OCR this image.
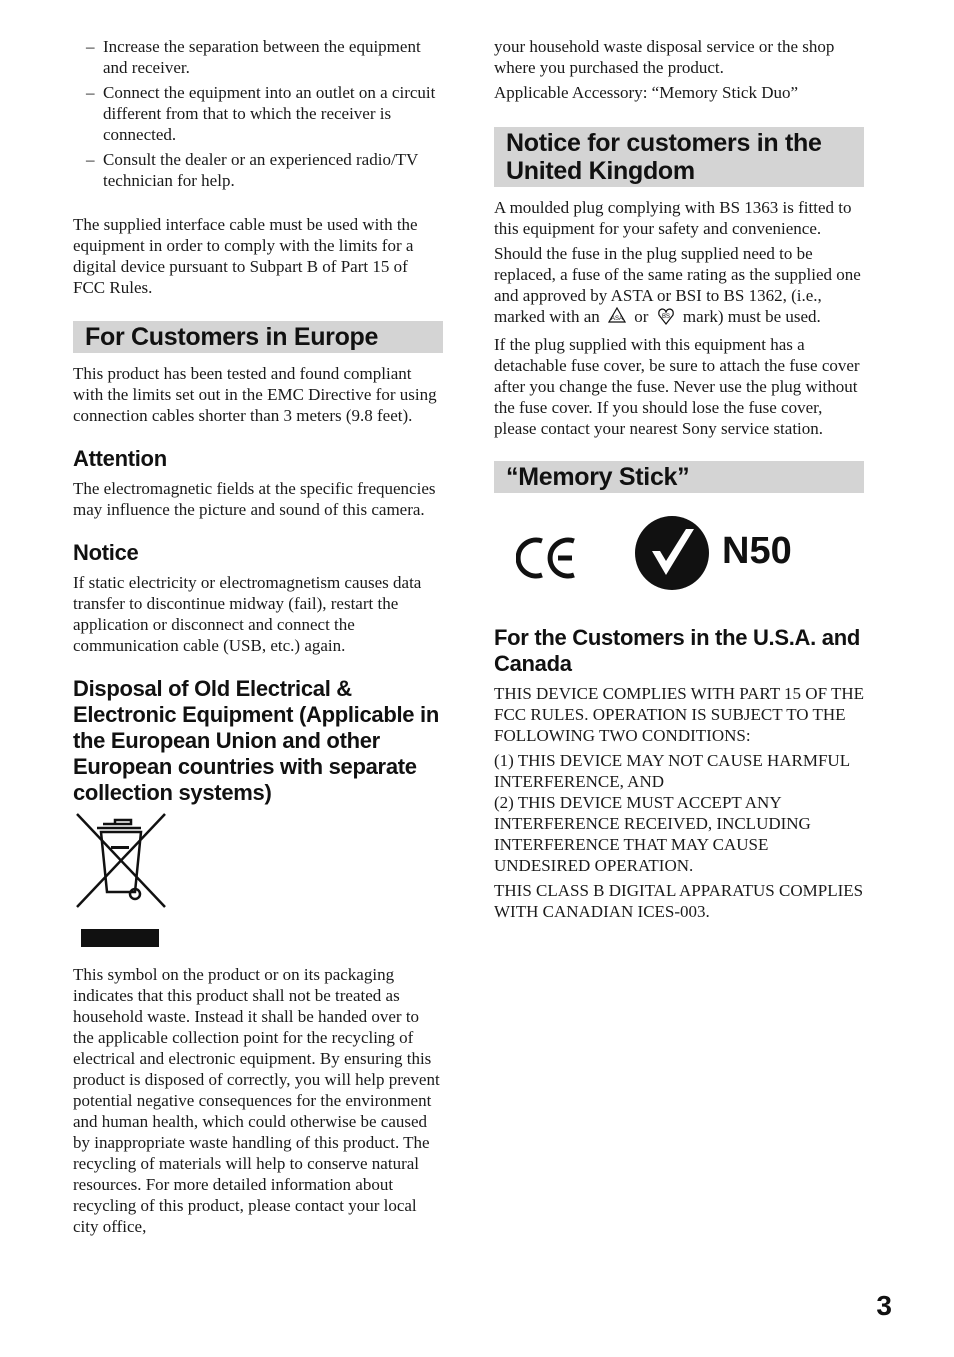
– Increase the separation between the equipment and receiver.
– Connect the equipment into an outlet on a circuit different from that to which the receiver is connected.
– Consult the dealer or an experienced radio/TV technician for help.

The supplied interface cable must be used with the equipment in order to comply with the limits for a digital device pursuant to Subpart B of Part 15 of FCC Rules.

For Customers in Europe

This product has been tested and found compliant with the limits set out in the EMC Directive for using connection cables shorter than 3 meters (9.8 feet).

Attention

The electromagnetic fields at the specific frequencies may influence the picture and sound of this camera.

Notice

If static electricity or electromagnetism causes data transfer to discontinue midway (fail), restart the application or disconnect and connect the communication cable (USB, etc.) again.

Disposal of Old Electrical & Electronic Equipment (Applicable in the European Union and other European countries with separate collection systems)

This symbol on the product or on its packaging indicates that this product shall not be treated as household waste. Instead it shall be handed over to the applicable collection point for the recycling of electrical and electronic equipment. By ensuring this product is disposed of correctly, you will help prevent potential negative consequences for the environment and human health, which could otherwise be caused by inappropriate waste handling of this product. The recycling of materials will help to conserve natural resources. For more detailed information about recycling of this product, please contact your local city office,

your household waste disposal service or the shop where you purchased the product.

Applicable Accessory: “Memory Stick Duo”

Notice for customers in the United Kingdom

A moulded plug complying with BS 1363 is fitted to this equipment for your safety and convenience.

Should the fuse in the plug supplied need to be replaced, a fuse of the same rating as the supplied one and approved by ASTA or BSI to BS 1362, (i.e., marked with an ASA or BS mark) must be used.

If the plug supplied with this equipment has a detachable fuse cover, be sure to attach the fuse cover after you change the fuse. Never use the plug without the fuse cover. If you should lose the fuse cover, please contact your nearest Sony service station.

“Memory Stick”
N50
For the Customers in the U.S.A. and Canada

THIS DEVICE COMPLIES WITH PART 15 OF THE FCC RULES. OPERATION IS SUBJECT TO THE FOLLOWING TWO CONDITIONS:

(1) THIS DEVICE MAY NOT CAUSE HARMFUL INTERFERENCE, AND

(2) THIS DEVICE MUST ACCEPT ANY INTERFERENCE RECEIVED, INCLUDING INTERFERENCE THAT MAY CAUSE UNDESIRED OPERATION.

THIS CLASS B DIGITAL APPARATUS COMPLIES WITH CANADIAN ICES-003.

3
